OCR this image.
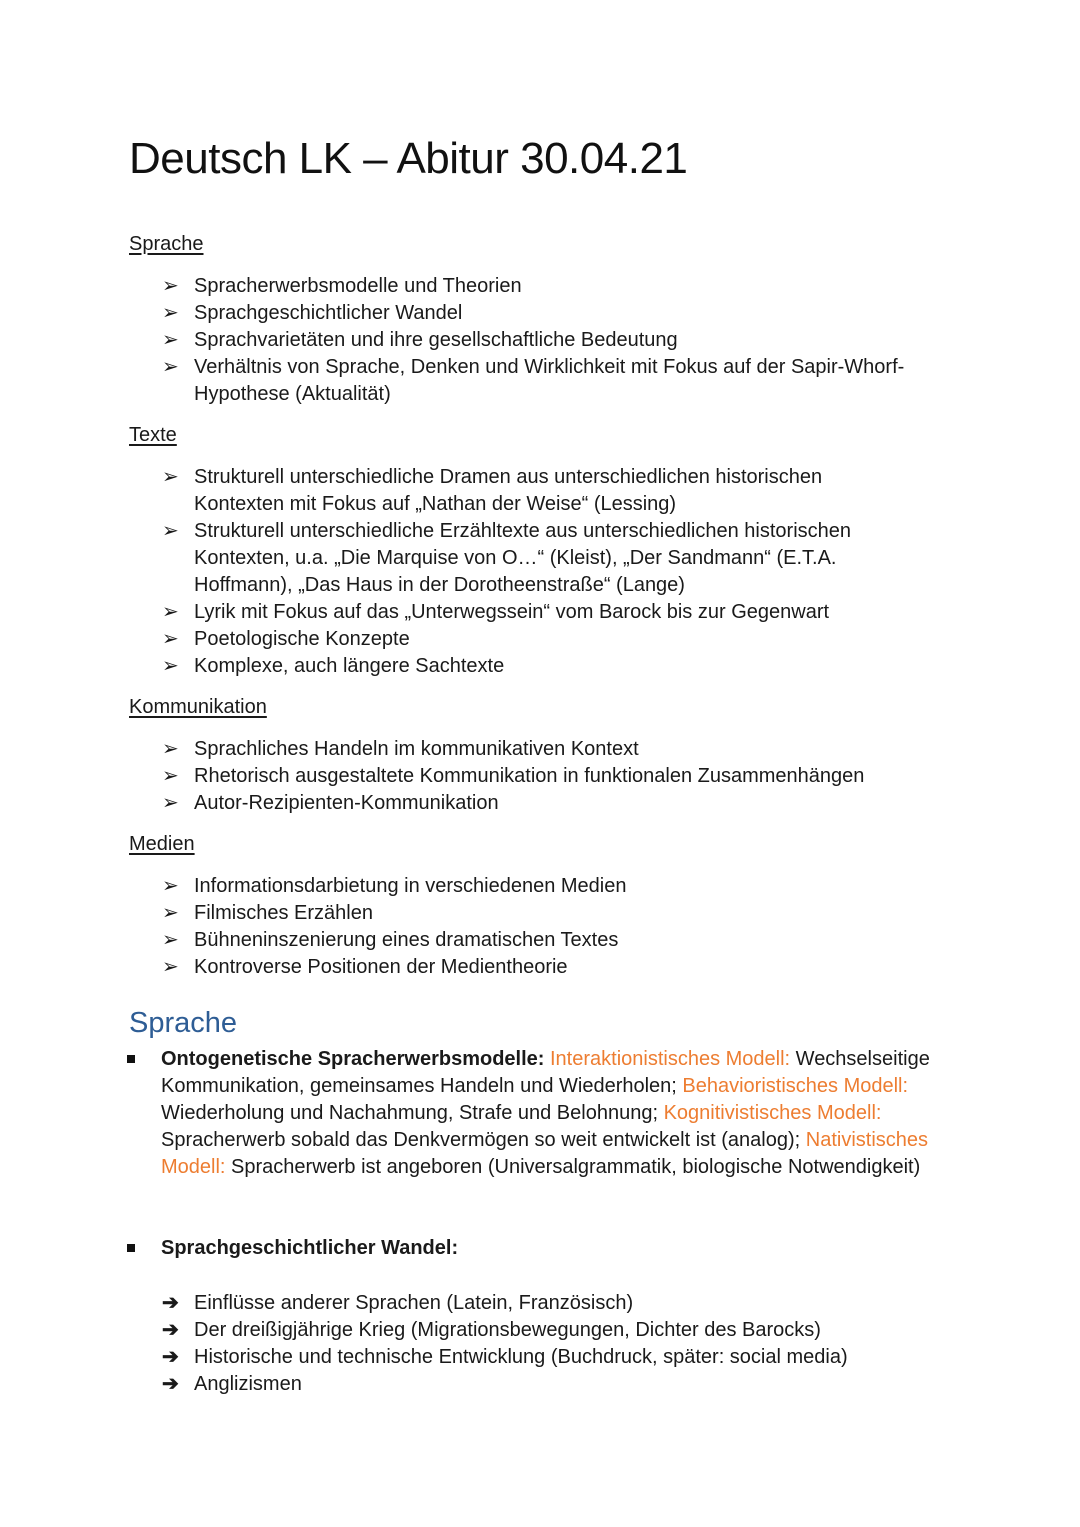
Deutsch LK – Abitur 30.04.21
Sprache
➢ Spracherwerbsmodelle und Theorien
➢ Sprachgeschichtlicher Wandel
➢ Sprachvarietäten und ihre gesellschaftliche Bedeutung
➢ Verhältnis von Sprache, Denken und Wirklichkeit mit Fokus auf der Sapir-Whorf-Hypothese (Aktualität)
Texte
➢ Strukturell unterschiedliche Dramen aus unterschiedlichen historischen Kontexten mit Fokus auf „Nathan der Weise“ (Lessing)
➢ Strukturell unterschiedliche Erzähltexte aus unterschiedlichen historischen Kontexten, u.a. „Die Marquise von O…“ (Kleist), „Der Sandmann“ (E.T.A. Hoffmann), „Das Haus in der Dorotheenstraße“ (Lange)
➢ Lyrik mit Fokus auf das „Unterwegssein“ vom Barock bis zur Gegenwart
➢ Poetologische Konzepte
➢ Komplexe, auch längere Sachtexte
Kommunikation
➢ Sprachliches Handeln im kommunikativen Kontext
➢ Rhetorisch ausgestaltete Kommunikation in funktionalen Zusammenhängen
➢ Autor-Rezipienten-Kommunikation
Medien
➢ Informationsdarbietung in verschiedenen Medien
➢ Filmisches Erzählen
➢ Bühneninszenierung eines dramatischen Textes
➢ Kontroverse Positionen der Medientheorie
Sprache
Ontogenetische Spracherwerbsmodelle: Interaktionistisches Modell: Wechselseitige Kommunikation, gemeinsames Handeln und Wiederholen; Behavioristisches Modell: Wiederholung und Nachahmung, Strafe und Belohnung; Kognitivistisches Modell: Spracherwerb sobald das Denkvermögen so weit entwickelt ist (analog); Nativistisches Modell: Spracherwerb ist angeboren (Universalgrammatik, biologische Notwendigkeit)
Sprachgeschichtlicher Wandel:
➔ Einflüsse anderer Sprachen (Latein, Französisch)
➔ Der dreißigjährige Krieg (Migrationsbewegungen, Dichter des Barocks)
➔ Historische und technische Entwicklung (Buchdruck, später: social media)
➔ Anglizismen
